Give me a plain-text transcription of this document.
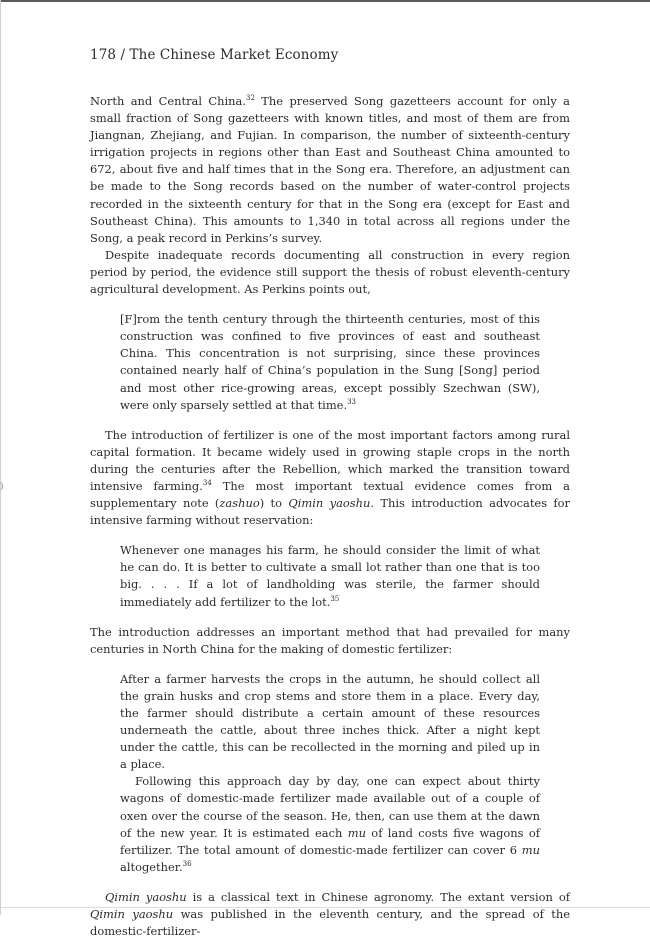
)
178 / The Chinese Market Economy

North and Central China.$^{32}$ The preserved Song gazetteers account for only a small fraction of Song gazetteers with known titles, and most of them are from Jiangnan, Zhejiang, and Fujian. In comparison, the number of sixteenth-century irrigation projects in regions other than East and Southeast China amounted to 672, about five and half times that in the Song era. Therefore, an adjustment can be made to the Song records based on the number of water-control projects recorded in the sixteenth century for that in the Song era (except for East and Southeast China). This amounts to 1,340 in total across all regions under the Song, a peak record in Perkins’s survey.

Despite inadequate records documenting all construction in every region period by period, the evidence still support the thesis of robust eleventh-century agricultural development. As Perkins points out,

[F]rom the tenth century through the thirteenth centuries, most of this construction was confined to five provinces of east and southeast China. This concentration is not surprising, since these provinces contained nearly half of China’s population in the Sung [Song] period and most other rice-growing areas, except possibly Szechwan (SW), were only sparsely settled at that time.$^{33}$

The introduction of fertilizer is one of the most important factors among rural capital formation. It became widely used in growing staple crops in the north during the centuries after the Rebellion, which marked the transition toward intensive farming.$^{34}$ The most important textual evidence comes from a supplementary note (zashuo) to Qimin yaoshu. This introduction advocates for intensive farming without reservation:

Whenever one manages his farm, he should consider the limit of what he can do. It is better to cultivate a small lot rather than one that is too big. . . . If a lot of landholding was sterile, the farmer should immediately add fertilizer to the lot.$^{35}$

The introduction addresses an important method that had prevailed for many centuries in North China for the making of domestic fertilizer:

After a farmer harvests the crops in the autumn, he should collect all the grain husks and crop stems and store them in a place. Every day, the farmer should distribute a certain amount of these resources underneath the cattle, about three inches thick. After a night kept under the cattle, this can be recollected in the morning and piled up in a place.

Following this approach day by day, one can expect about thirty wagons of domestic-made fertilizer made available out of a couple of oxen over the course of the season. He, then, can use them at the dawn of the new year. It is estimated each mu of land costs five wagons of fertilizer. The total amount of domestic-made fertilizer can cover 6 mu altogether.$^{36}$

Qimin yaoshu is a classical text in Chinese agronomy. The extant version of Qimin yaoshu was published in the eleventh century, and the spread of the domestic-fertilizer-
